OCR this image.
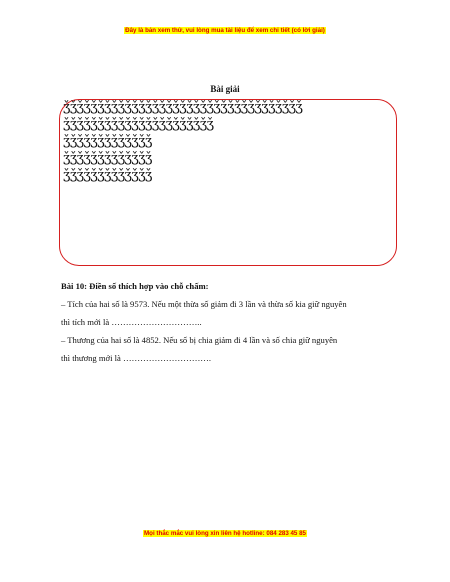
Đây là bản xem thử, vui lòng mua tài liệu để xem chi tiết (có lời giải)
Bài giải
ǯǯǯǯǯǯǯǯǯǯǯǯǯǯǯǯǯǯǯǯǯǯǯǯǯǯǯǯǯǯǯǯǯǯǯ
ǯǯǯǯǯǯǯǯǯǯǯǯǯǯǯǯǯǯǯǯǯǯ
ǯǯǯǯǯǯǯǯǯǯǯǯǯ
ǯǯǯǯǯǯǯǯǯǯǯǯǯ
ǯǯǯǯǯǯǯǯǯǯǯǯǯ

Bài 10: Điền số thích hợp vào chỗ chấm:

– Tích của hai số là 9573. Nếu một thừa số giảm đi 3 lần và thừa số kia giữ nguyên

thì tích mới là …………………………..

– Thương của hai số là 4852. Nếu số bị chia giảm đi 4 lần và số chia giữ nguyên

thì thương mới là ………………………….

Mọi thắc mắc vui lòng xin liên hệ hotline: 084 283 45 85
